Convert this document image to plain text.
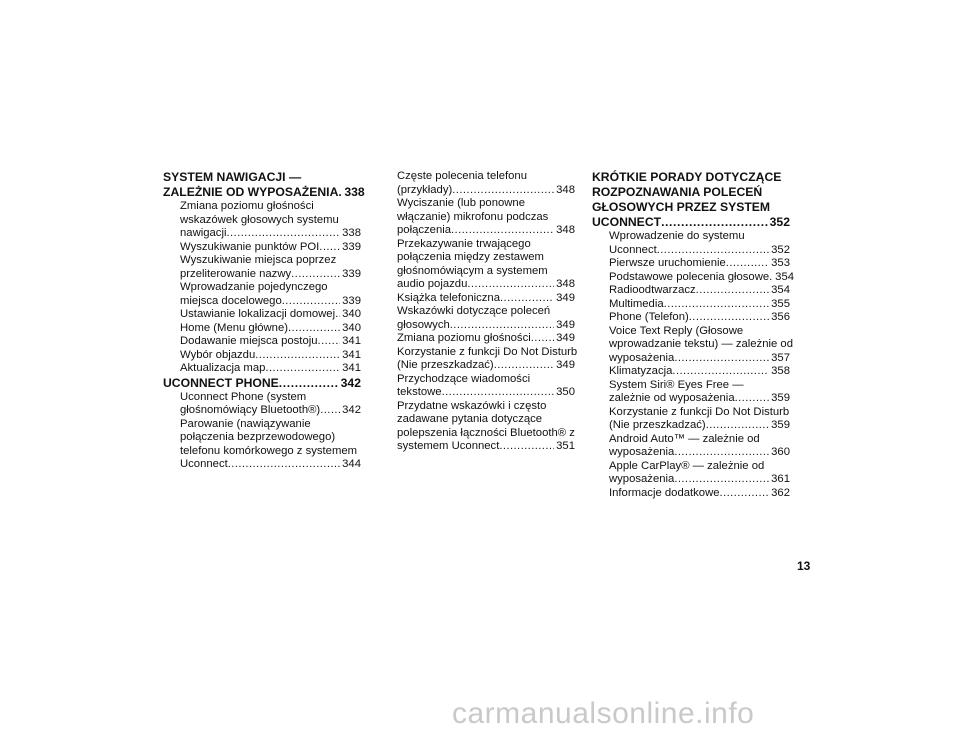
SYSTEM NAWIGACJI —
ZALEŻNIE OD WYPOSAŻENIA ..... 338
Zmiana poziomu głośności
wskazówek głosowych systemu
nawigacji .....	338
Wyszukiwanie punktów POI ..... 339
Wyszukiwanie miejsca poprzez
przeliterowanie nazwy .....	339
Wprowadzanie pojedynczego
miejsca docelowego .....	339
Ustawianie lokalizacji domowej ..... 340
Home (Menu główne) .....	340
Dodawanie miejsca postoju ..... 341
Wybór objazdu .....	341
Aktualizacja map .....	341
UCONNECT PHONE .....	342
Uconnect Phone (system
głośnomówiący Bluetooth®) ..... 342
Parowanie (nawiązywanie
połączenia bezprzewodowego)
telefonu komórkowego z systemem
Uconnect .....	344
Częste polecenia telefonu
(przykłady) .....	348
Wyciszanie (lub ponowne
włączanie) mikrofonu podczas
połączenia .....	348
Przekazywanie trwającego
połączenia między zestawem
głośnomówiącym a systemem
audio pojazdu .....	348
Książka telefoniczna .....	349
Wskazówki dotyczące poleceń
głosowych .....	349
Zmiana poziomu głośności ..... 349
Korzystanie z funkcji Do Not Disturb
(Nie przeszkadzać) .....	349
Przychodzące wiadomości
tekstowe .....	350
Przydatne wskazówki i często
zadawane pytania dotyczące
polepszenia łączności Bluetooth® z
systemem Uconnect .....	351
KRÓTKIE PORADY DOTYCZĄCE
ROZPOZNAWANIA POLECEŃ
GŁOSOWYCH PRZEZ SYSTEM
UCONNECT .....	352
Wprowadzenie do systemu
Uconnect .....	352
Pierwsze uruchomienie .....	353
Podstawowe polecenia głosowe ..... 354
Radioodtwarzacz .....	354
Multimedia .....	355
Phone (Telefon) .....	356
Voice Text Reply (Głosowe
wprowadzanie tekstu) — zależnie od
wyposażenia .....	357
Klimatyzacja .....	358
System Siri® Eyes Free —
zależnie od wyposażenia .....	359
Korzystanie z funkcji Do Not Disturb
(Nie przeszkadzać) .....	359
Android Auto™ — zależnie od
wyposażenia .....	360
Apple CarPlay® — zależnie od
wyposażenia .....	361
Informacje dodatkowe .....	362
13
carmanualsonline.info
